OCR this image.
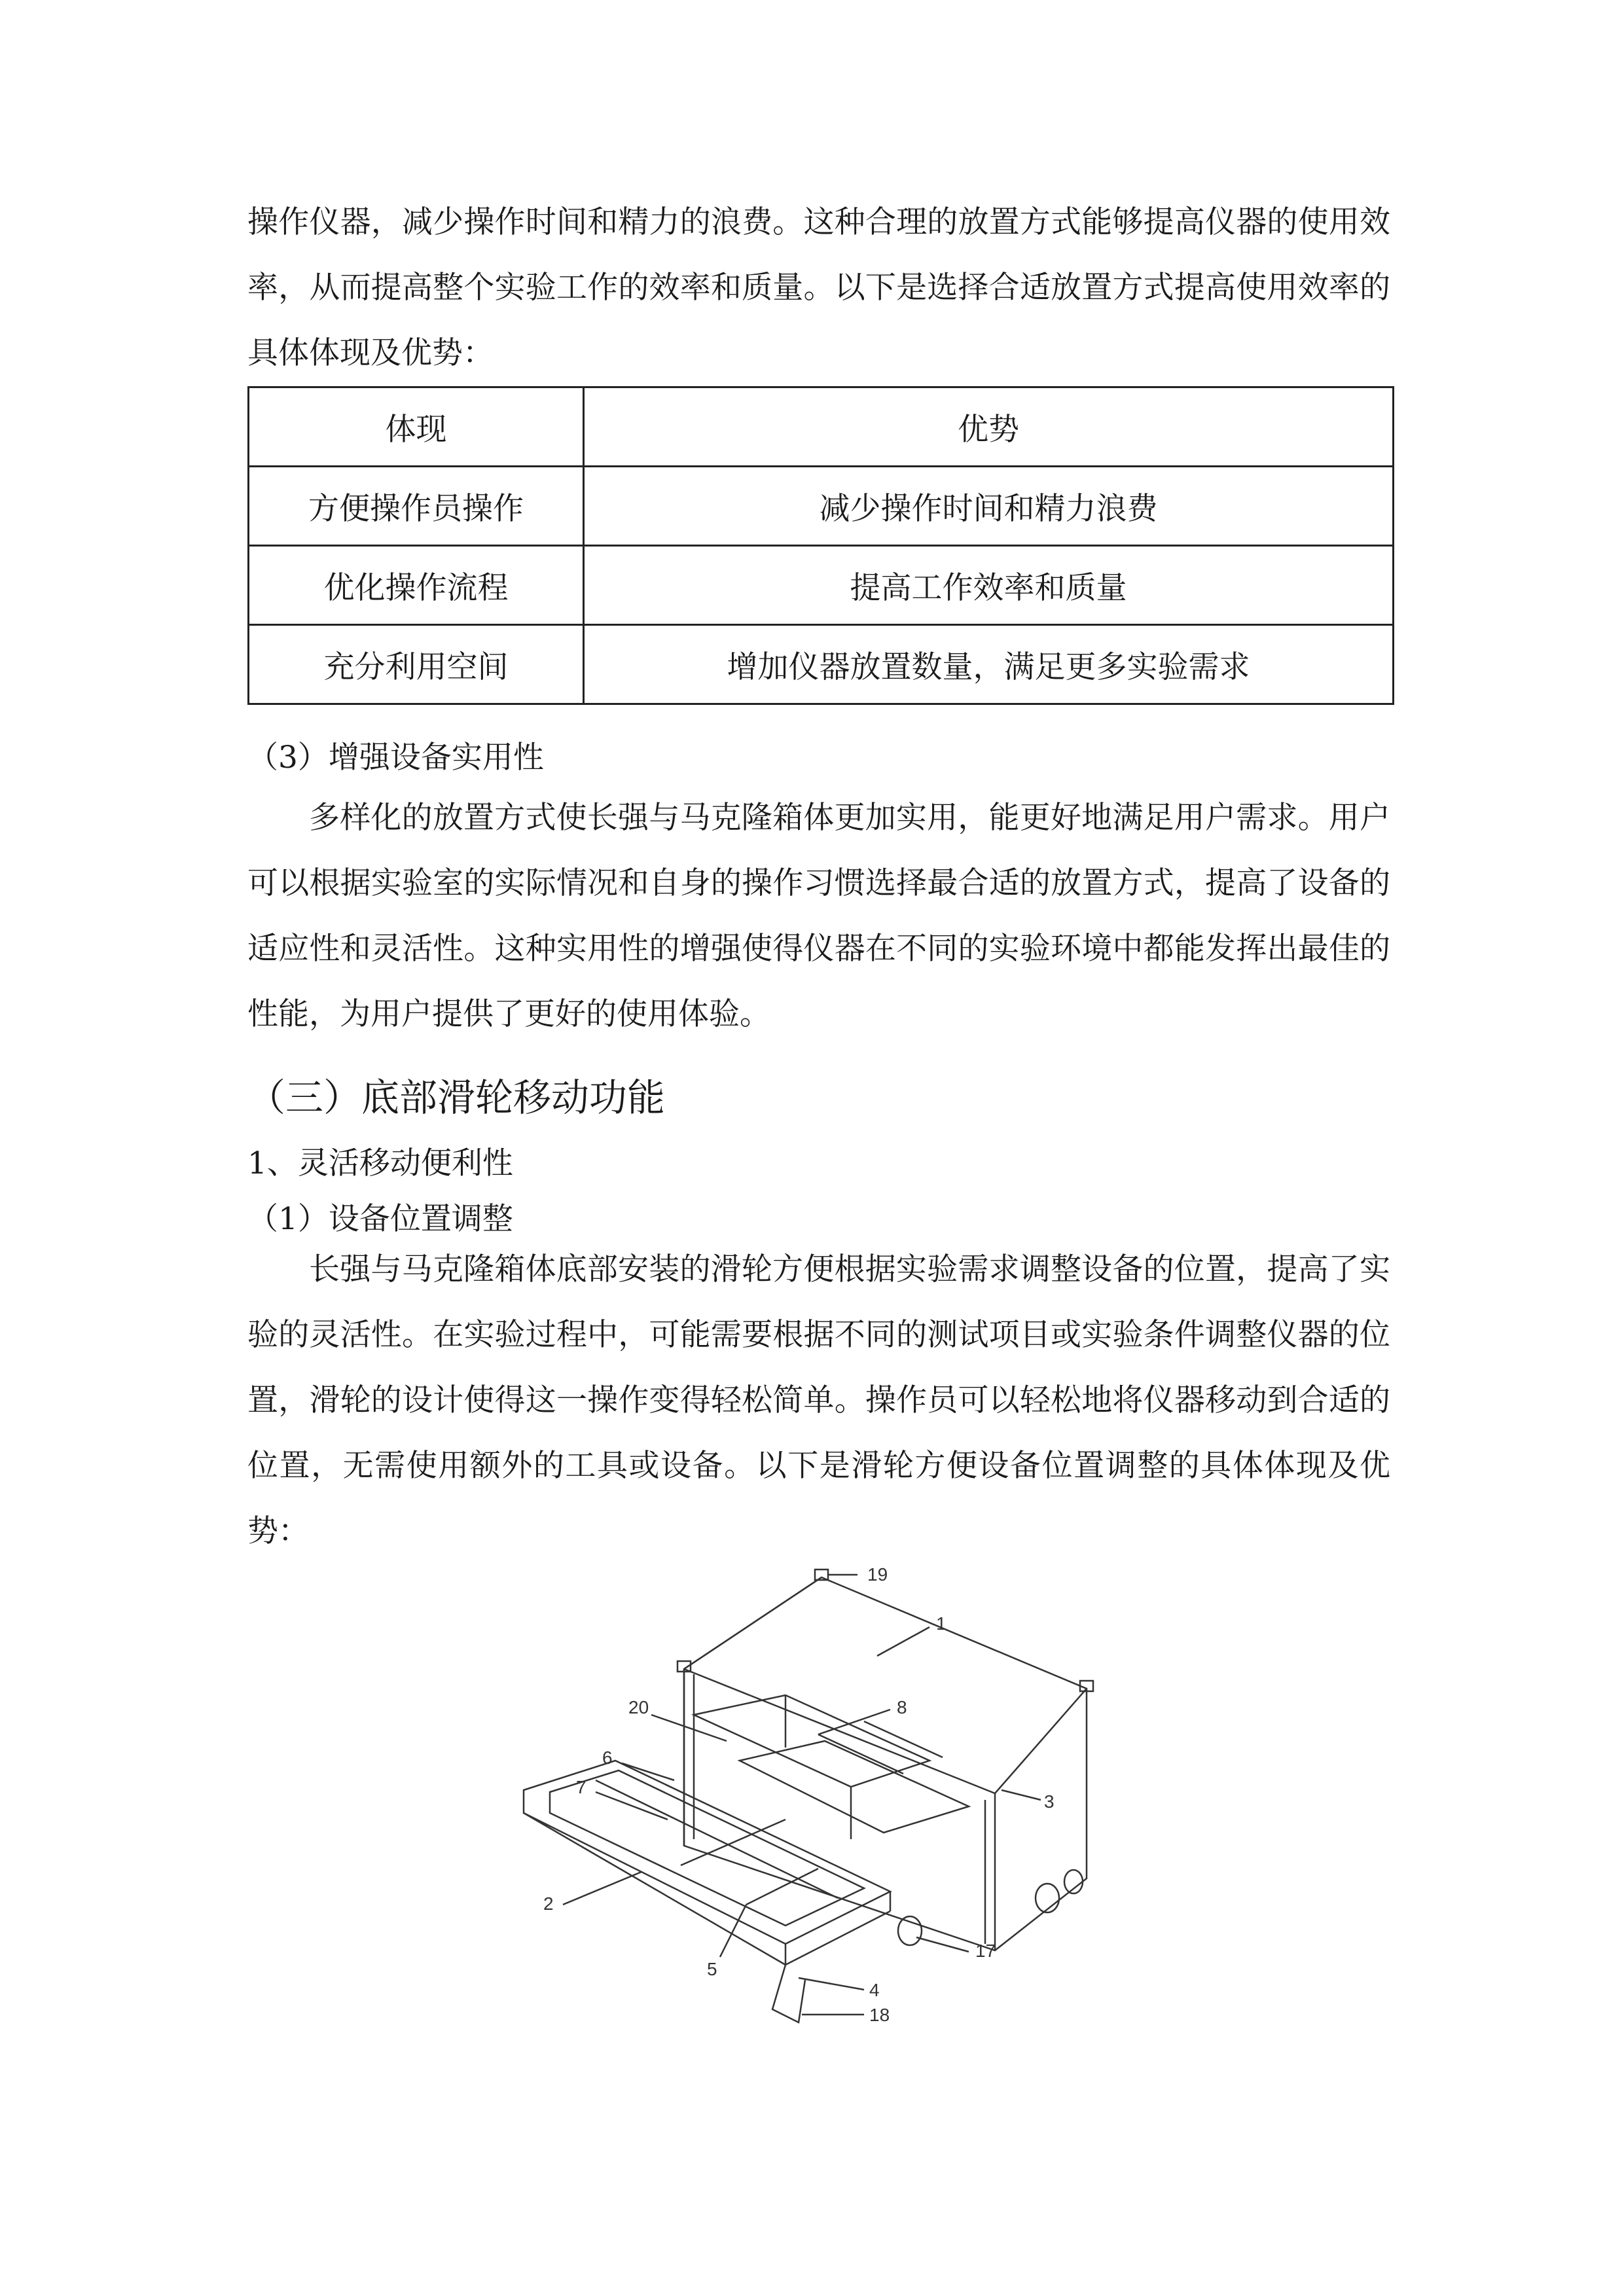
操作仪器，减少操作时间和精力的浪费。这种合理的放置方式能够提高仪器的使用效率，从而提高整个实验工作的效率和质量。以下是选择合适放置方式提高使用效率的具体体现及优势：

体现	优势
方便操作员操作	减少操作时间和精力浪费
优化操作流程	提高工作效率和质量
充分利用空间	增加仪器放置数量，满足更多实验需求

（3）增强设备实用性

多样化的放置方式使长强与马克隆箱体更加实用，能更好地满足用户需求。用户可以根据实验室的实际情况和自身的操作习惯选择最合适的放置方式，提高了设备的适应性和灵活性。这种实用性的增强使得仪器在不同的实验环境中都能发挥出最佳的性能，为用户提供了更好的使用体验。

（三）底部滑轮移动功能

1、灵活移动便利性

（1）设备位置调整

长强与马克隆箱体底部安装的滑轮方便根据实验需求调整设备的位置，提高了实验的灵活性。在实验过程中，可能需要根据不同的测试项目或实验条件调整仪器的位置，滑轮的设计使得这一操作变得轻松简单。操作员可以轻松地将仪器移动到合适的位置，无需使用额外的工具或设备。以下是滑轮方便设备位置调整的具体体现及优势：

19
1
20	8
6
3
7
2
17
5
4
18
